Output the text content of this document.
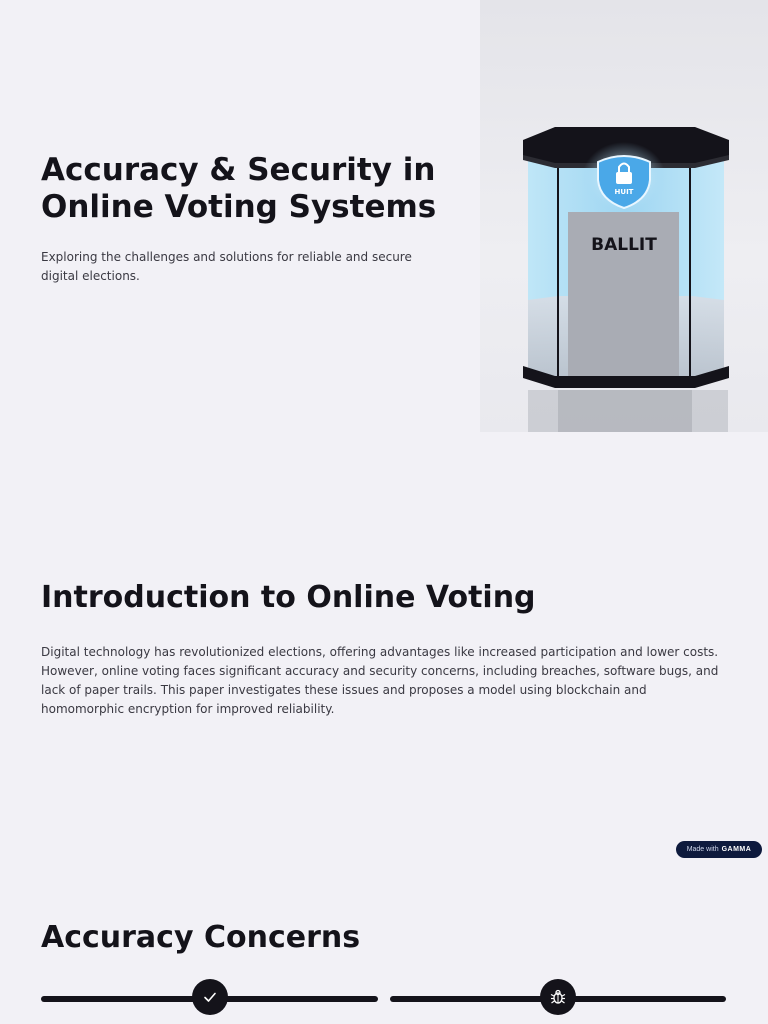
Accuracy & Security in Online Voting Systems

Exploring the challenges and solutions for reliable and secure digital elections.

BALLIT
HUIT
Introduction to Online Voting

Digital technology has revolutionized elections, offering advantages like increased participation and lower costs. However, online voting faces significant accuracy and security concerns, including breaches, software bugs, and lack of paper trails. This paper investigates these issues and proposes a model using blockchain and homomorphic encryption for improved reliability.

Made with GAMMA
Accuracy Concerns
